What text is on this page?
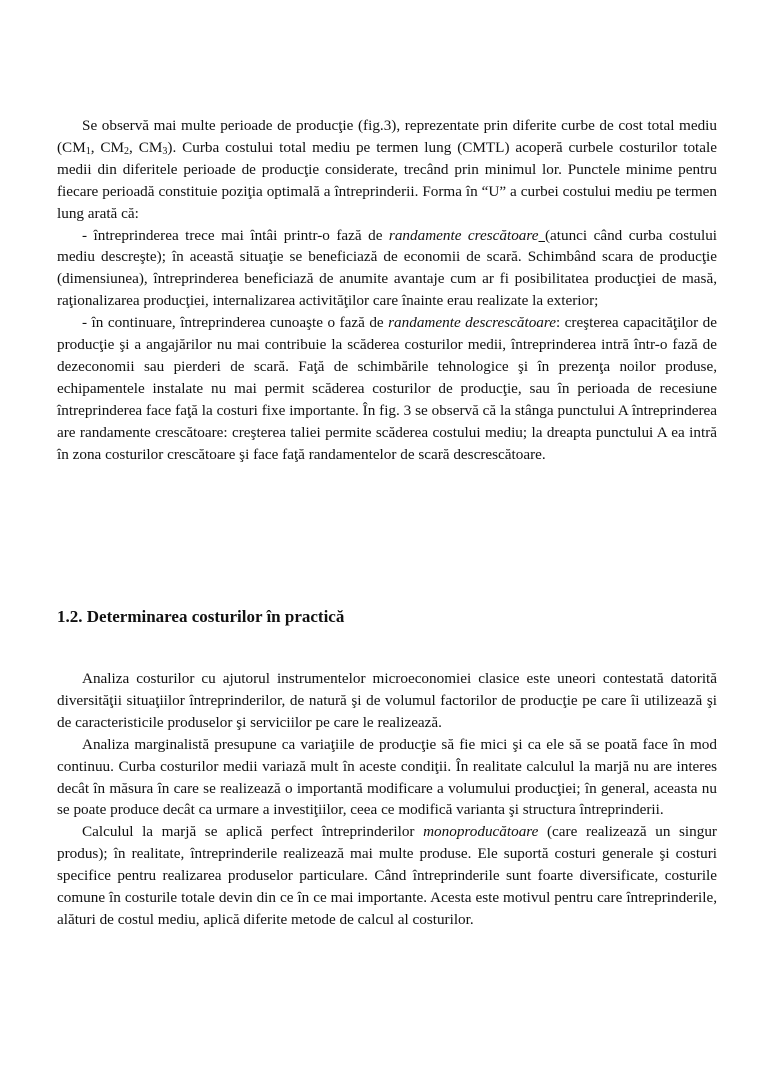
Se observă mai multe perioade de producţie (fig.3), reprezentate prin diferite curbe de cost total mediu ($CM_1$, $CM_2$, $CM_3$). Curba costului total mediu pe termen lung (CMTL) acoperă curbele costurilor totale medii din diferitele perioade de producţie considerate, trecând prin minimul lor. Punctele minime pentru fiecare perioadă constituie poziţia optimală a întreprinderii. Forma în “U” a curbei costului mediu pe termen lung arată că:

- întreprinderea trece mai întâi printr-o fază de randamente crescătoare (atunci când curba costului mediu descreşte); în această situaţie se beneficiază de economii de scară. Schimbând scara de producţie (dimensiunea), întreprinderea beneficiază de anumite avantaje cum ar fi posibilitatea producţiei de masă, raţionalizarea producţiei, internalizarea activităţilor care înainte erau realizate la exterior;

- în continuare, întreprinderea cunoaşte o fază de randamente descrescătoare: creşterea capacităţilor de producţie şi a angajărilor nu mai contribuie la scăderea costurilor medii, întreprinderea intră într-o fază de dezeconomii sau pierderi de scară. Faţă de schimbările tehnologice şi în prezenţa noilor produse, echipamentele instalate nu mai permit scăderea costurilor de producţie, sau în perioada de recesiune întreprinderea face faţă la costuri fixe importante. În fig. 3 se observă că la stânga punctului A întreprinderea are randamente crescătoare: creşterea taliei permite scăderea costului mediu; la dreapta punctului A ea intră în zona costurilor crescătoare şi face faţă randamentelor de scară descrescătoare.

1.2. Determinarea costurilor în practică

Analiza costurilor cu ajutorul instrumentelor microeconomiei clasice este uneori contestată datorită diversităţii situaţiilor întreprinderilor, de natură şi de volumul factorilor de producţie pe care îi utilizează şi de caracteristicile produselor şi serviciilor pe care le realizează.

Analiza marginalistă presupune ca variaţiile de producţie să fie mici şi ca ele să se poată face în mod continuu. Curba costurilor medii variază mult în aceste condiţii. În realitate calculul la marjă nu are interes decât în măsura în care se realizează o importantă modificare a volumului producţiei; în general, aceasta nu se poate produce decât ca urmare a investiţiilor, ceea ce modifică varianta şi structura întreprinderii.

Calculul la marjă se aplică perfect întreprinderilor monoproducătoare (care realizează un singur produs); în realitate, întreprinderile realizează mai multe produse. Ele suportă costuri generale şi costuri specifice pentru realizarea produselor particulare. Când întreprinderile sunt foarte diversificate, costurile comune în costurile totale devin din ce în ce mai importante. Acesta este motivul pentru care întreprinderile, alături de costul mediu, aplică diferite metode de calcul al costurilor.
